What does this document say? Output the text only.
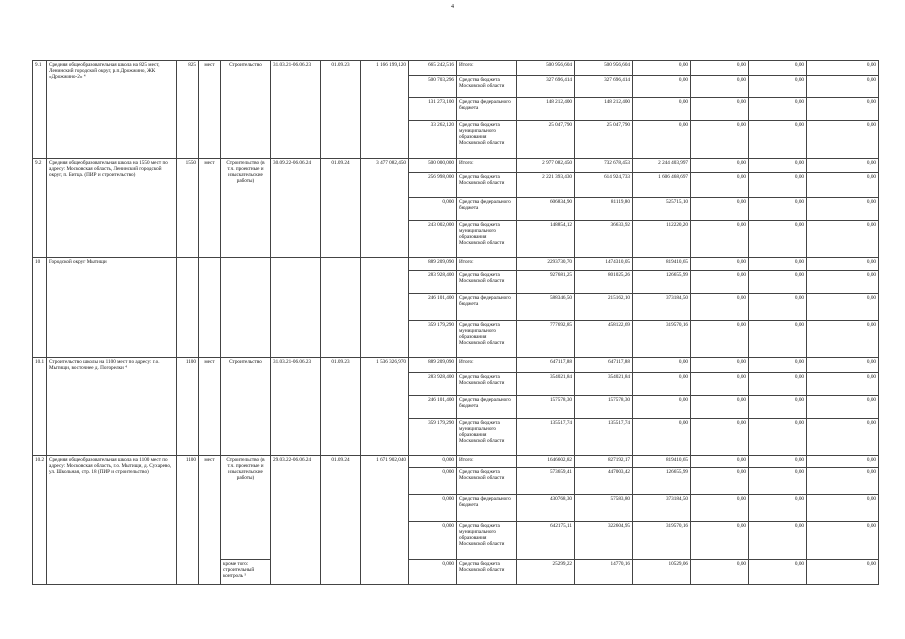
4
9.1	Средняя общеобразовательная школа на 825 мест, Ленинский городской округ, р.п.Дрожжино, ЖК «Дрожжино-2» ⁴	825	мест	Строительство	31.03.21-06.06.23	01.09.23	1 166 199,120	665 242,516	Итого:	500 956,604	500 956,604	0,00	0,00	0,00	0,00
								500 703,296	Средства бюджета Московской области	327 696,414	327 696,414	0,00	0,00	0,00	0,00
								131 273,100	Средства федерального бюджета	148 212,400	148 212,400	0,00	0,00	0,00	0,00
								33 262,120	Средства бюджета муниципального образования Московской области	25 047,790	25 047,790	0,00	0,00	0,00	0,00
9.2	Средняя общеобразовательная школа на 1550 мест по адресу: Московская область, Ленинский городской округ, п. Битца. (ПИР и строительство)	1550	мест	Строительство (в т.ч. проектные и изыскательские работы)	30.09.22-06.06.24	01.09.24	3 477 082,450	500 000,000	Итого:	2 977 082,450	732 678,453	2 244 403,997	0,00	0,00	0,00
								256 998,000	Средства бюджета Московской области	2 221 393,430	614 924,733	1 606 468,697	0,00	0,00	0,00
								0,000	Средства федерального бюджета	606834,90	81119,80	525715,10	0,00	0,00	0,00
								243 002,000	Средства бюджета муниципального образования Московской области	148854,12	36633,92	112220,20	0,00	0,00	0,00
10	Городской округ Мытищи							889 209,090	Итого:	2293730,70	1474310,05	819410,65	0,00	0,00	0,00
								283 928,400	Средства бюджета Московской области	927681,25	801025,26	126655,99	0,00	0,00	0,00
								246 101,400	Средства федерального бюджета	588346,50	215162,10	373184,50	0,00	0,00	0,00
								359 179,290	Средства бюджета муниципального образования Московской области	777692,85	458122,69	319570,16	0,00	0,00	0,00
10.1	Строительство школы на 1100 мест по адресу: г.о. Мытищи, восточнее д. Погорелки ⁴	1100	мест	Строительство	31.03.21-06.06.23	01.09.23	1 536 326,970	889 209,090	Итого:	647117,88	647117,88	0,00	0,00	0,00	0,00
								283 928,400	Средства бюджета Московской области	354021,84	354021,84	0,00	0,00	0,00	0,00
								246 101,400	Средства федерального бюджета	157578,30	157578,30	0,00	0,00	0,00	0,00
								359 179,290	Средства бюджета муниципального образования Московской области	135517,74	135517,74	0,00	0,00	0,00	0,00
10.2	Средняя общеобразовательная школа на 1100 мест по адресу: Московская область, г.о. Мытищи, д. Сухарево, ул. Школьная, стр. 18 (ПИР и строительство)	1100	мест	Строительство (в т.ч. проектные и изыскательские работы)	29.03.22-06.06.24	01.09.24	1 671 902,040	0,000	Итого:	1646602,82	827192,17	819410,65	0,00	0,00	0,00
								0,000	Средства бюджета Московской области	573659,41	447003,42	126655,99	0,00	0,00	0,00
								0,000	Средства федерального бюджета	430768,30	57583,80	373184,50	0,00	0,00	0,00
								0,000	Средства бюджета муниципального образования Московской области	642175,11	322604,95	319570,16	0,00	0,00	0,00
				кроме того: строительный контроль ⁵				0,000	Средства бюджета Московской области	25299,22	14770,16	10529,06	0,00	0,00	0,00
